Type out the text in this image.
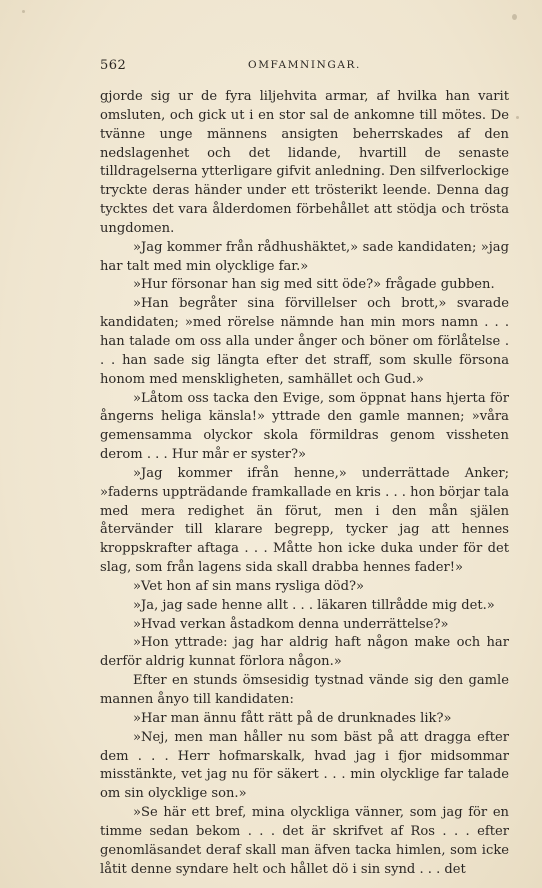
562	OMFAMNINGAR.

gjorde sig ur de fyra liljehvita armar, af hvilka han varit omsluten, och gick ut i en stor sal de ankomne till mötes. De tvänne unge männens ansigten beherrskades af den nedslagenhet och det lidande, hvartill de senaste tilldragelserna ytterligare gifvit anledning. Den silfverlockige tryckte deras händer under ett trösterikt leende. Denna dag tycktes det vara ålderdomen förbehållet att stödja och trösta ungdomen.

»Jag kommer från rådhushäktet,» sade kandidaten; »jag har talt med min olycklige far.»

»Hur försonar han sig med sitt öde?» frågade gubben.

»Han begråter sina förvillelser och brott,» svarade kandidaten; »med rörelse nämnde han min mors namn . . . han talade om oss alla under ånger och böner om förlåtelse . . . han sade sig längta efter det straff, som skulle försona honom med menskligheten, samhället och Gud.»

»Låtom oss tacka den Evige, som öppnat hans hjerta för ångerns heliga känsla!» yttrade den gamle mannen; »våra gemensamma olyckor skola förmildras genom vissheten derom . . . Hur mår er syster?»

»Jag kommer ifrån henne,» underrättade Anker; »faderns uppträdande framkallade en kris . . . hon börjar tala med mera redighet än förut, men i den mån själen återvänder till klarare begrepp, tycker jag att hennes kroppskrafter aftaga . . . Måtte hon icke duka under för det slag, som från lagens sida skall drabba hennes fader!»

»Vet hon af sin mans rysliga död?»

»Ja, jag sade henne allt . . . läkaren tillrådde mig det.»

»Hvad verkan åstadkom denna underrättelse?»

»Hon yttrade: jag har aldrig haft någon make och har derför aldrig kunnat förlora någon.»

Efter en stunds ömsesidig tystnad vände sig den gamle mannen ånyo till kandidaten:

»Har man ännu fått rätt på de drunknades lik?»

»Nej, men man håller nu som bäst på att dragga efter dem . . . Herr hofmarskalk, hvad jag i fjor midsommar misstänkte, vet jag nu för säkert . . . min olycklige far talade om sin olycklige son.»

»Se här ett bref, mina olyckliga vänner, som jag för en timme sedan bekom . . . det är skrifvet af Ros . . . efter genomläsandet deraf skall man äfven tacka himlen, som icke låtit denne syndare helt och hållet dö i sin synd . . . det
